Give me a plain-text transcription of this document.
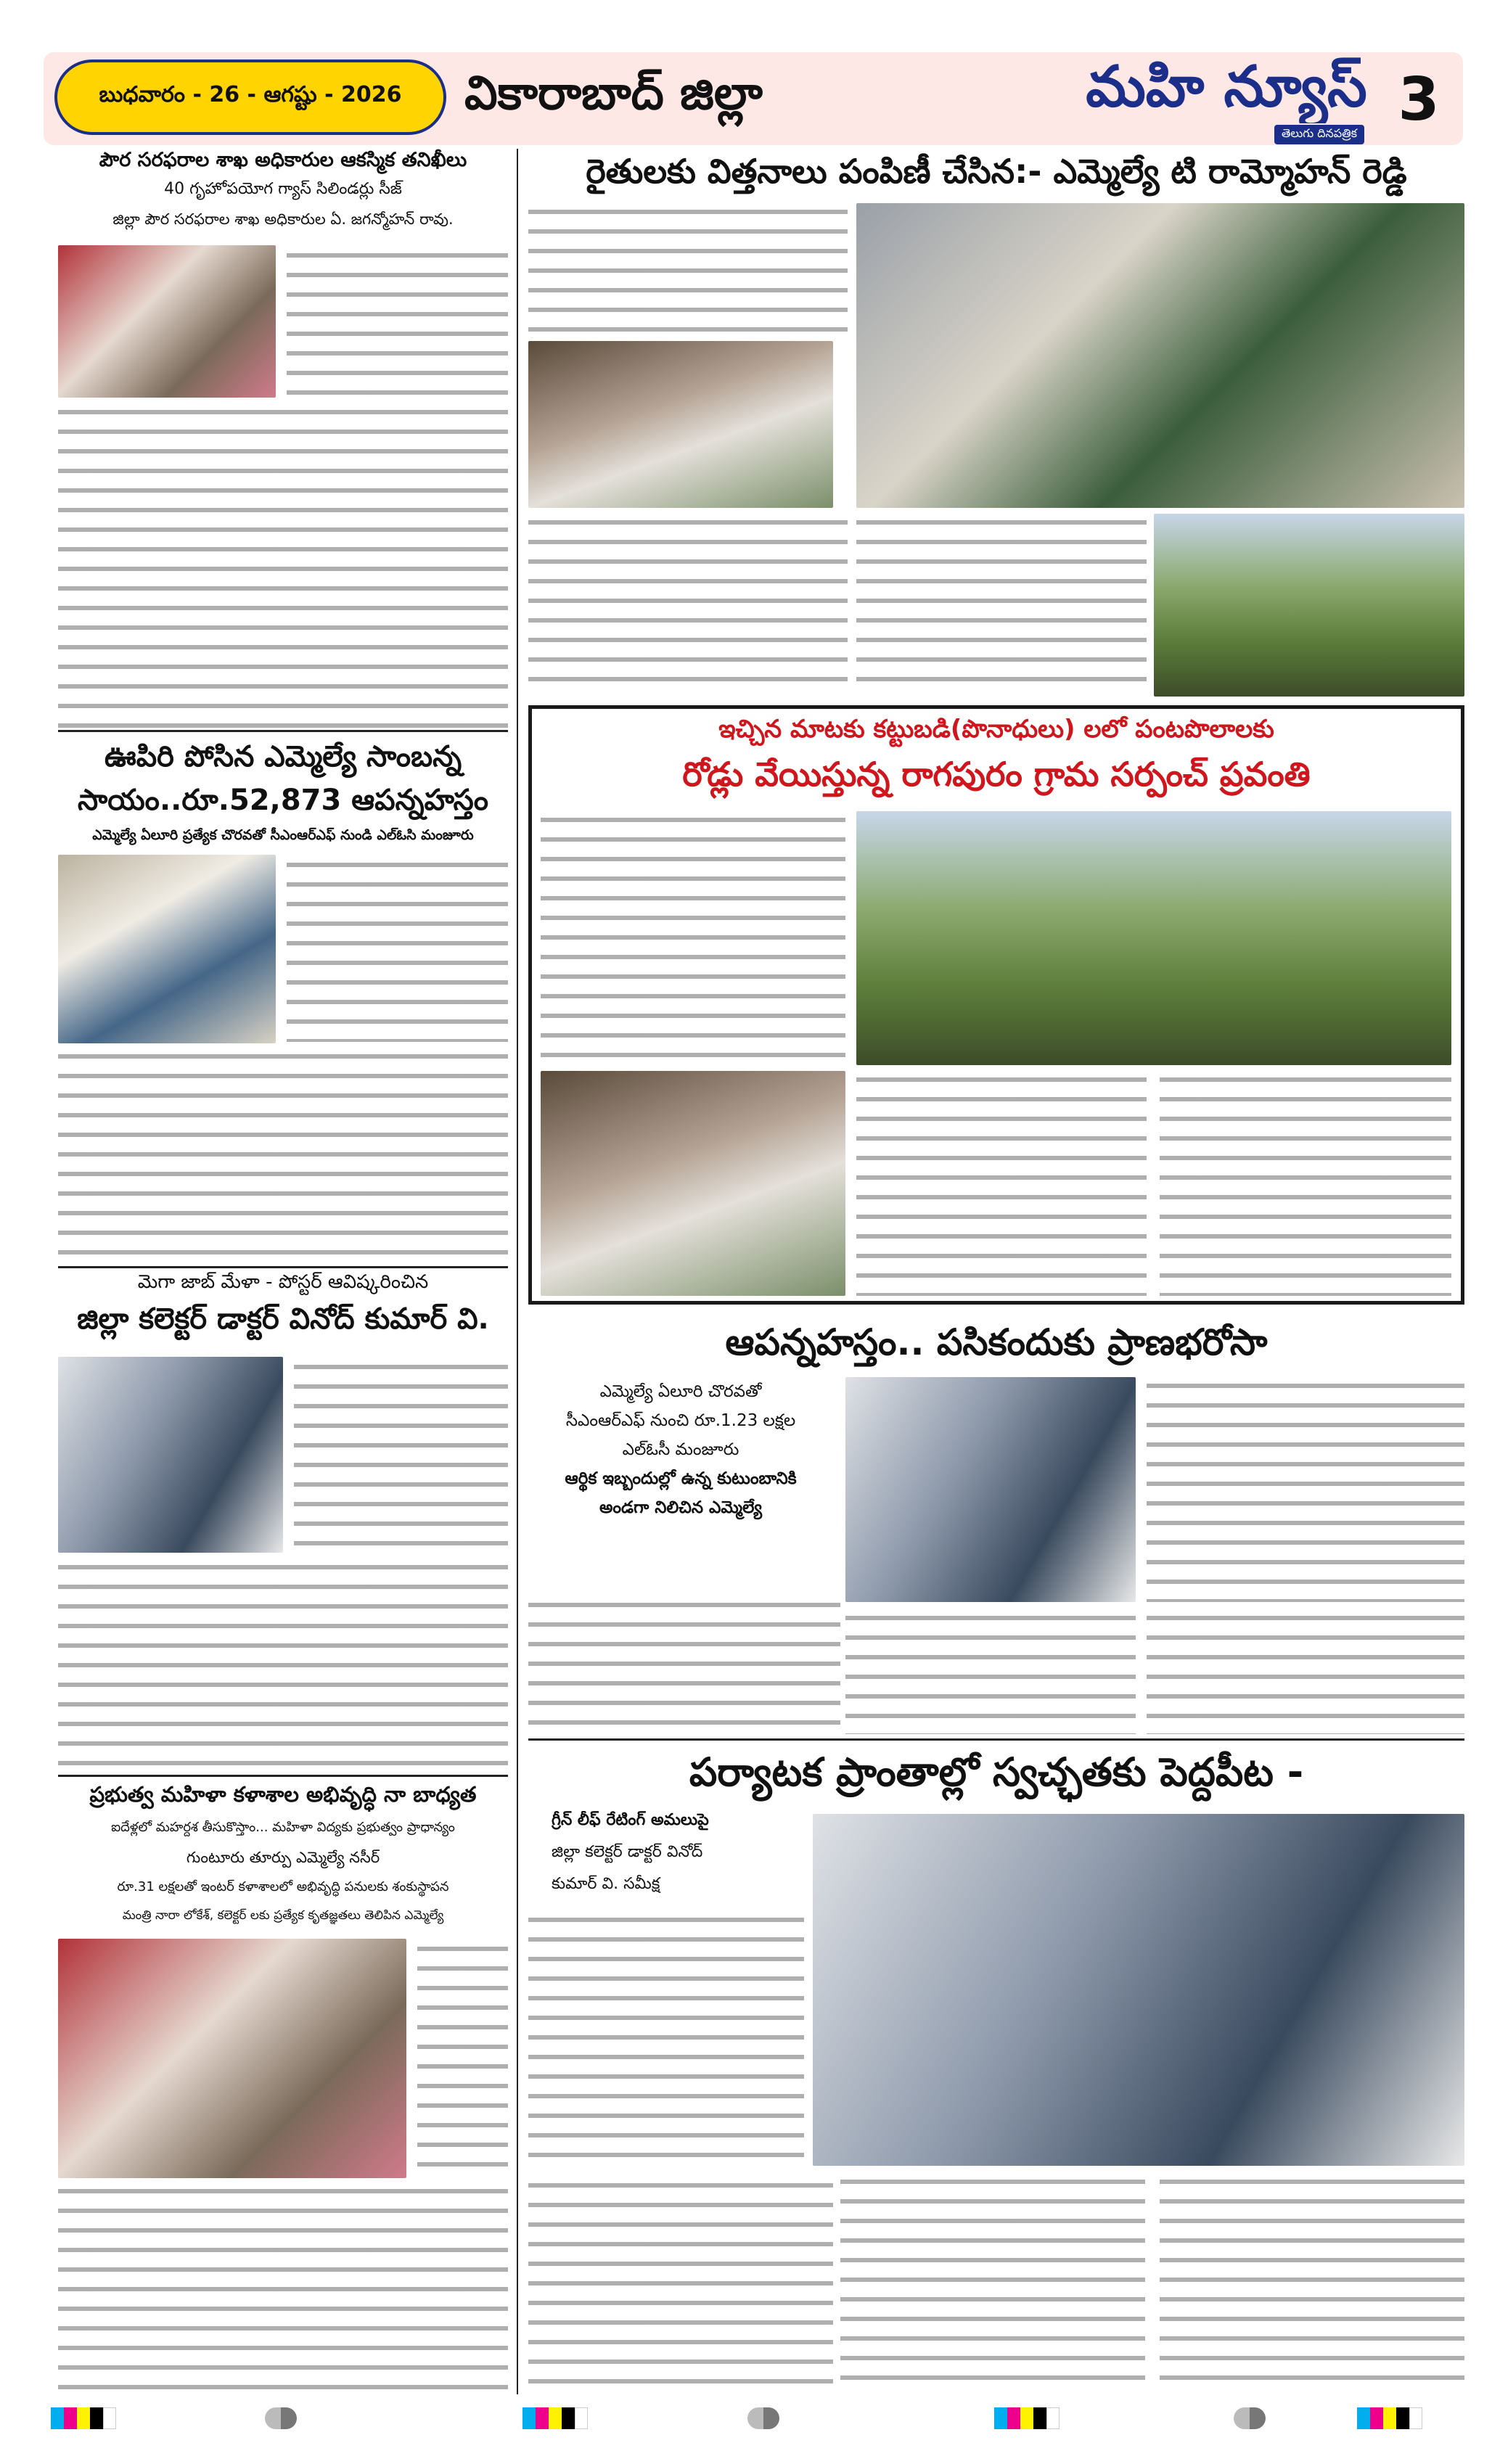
బుధవారం - 26 - ఆగష్టు - 2026	వికారాబాద్ జిల్లా	మహి న్యూస్
తెలుగు దినపత్రిక 3
పౌర సరఫరాల శాఖ అధికారుల ఆకస్మిక తనిఖీలు
40 గృహోపయోగ గ్యాస్ సిలిండర్లు సీజ్
జిల్లా పౌర సరఫరాల శాఖ అధికారుల ఏ. జగన్మోహన్ రావు.
ఊపిరి పోసిన ఎమ్మెల్యే సాంబన్న
సాయం..రూ.52,873 ఆపన్నహస్తం
ఎమ్మెల్యే ఏలూరి ప్రత్యేక చొరవతో సీఎంఆర్ఎఫ్ నుండి ఎల్ఓసి మంజూరు
మెగా జాబ్ మేళా - పోస్టర్ ఆవిష్కరించిన
జిల్లా కలెక్టర్ డాక్టర్ వినోద్ కుమార్ వి.
ప్రభుత్వ మహిళా కళాశాల అభివృద్ధి నా బాధ్యత
ఐదేళ్లలో మహర్దశ తీసుకొస్తాం... మహిళా విద్యకు ప్రభుత్వం ప్రాధాన్యం
గుంటూరు తూర్పు ఎమ్మెల్యే నసీర్
రూ.31 లక్షలతో ఇంటర్ కళాశాలలో అభివృద్ధి పనులకు శంకుస్థాపన
మంత్రి నారా లోకేశ్, కలెక్టర్ లకు ప్రత్యేక కృతజ్ఞతలు తెలిపిన ఎమ్మెల్యే
రైతులకు విత్తనాలు పంపిణీ చేసిన:- ఎమ్మెల్యే టి రామ్మోహన్ రెడ్డి
ఇచ్చిన మాటకు కట్టుబడి(పొనాధులు) లలో పంటపొలాలకు
రోడ్లు వేయిస్తున్న రాగపురం గ్రామ సర్పంచ్ ప్రవంతి
ఆపన్నహస్తం.. పసికందుకు ప్రాణభరోసా
ఎమ్మెల్యే ఏలూరి చొరవతో
సీఎంఆర్ఎఫ్ నుంచి రూ.1.23 లక్షల
ఎల్ఓసీ మంజూరు
ఆర్థిక ఇబ్బందుల్లో ఉన్న కుటుంబానికి
అండగా నిలిచిన ఎమ్మెల్యే
పర్యాటక ప్రాంతాల్లో స్వచ్ఛతకు పెద్దపీట -
గ్రీన్ లీఫ్ రేటింగ్ అమలుపై
జిల్లా కలెక్టర్ డాక్టర్ వినోద్
కుమార్ వి. సమీక్ష
